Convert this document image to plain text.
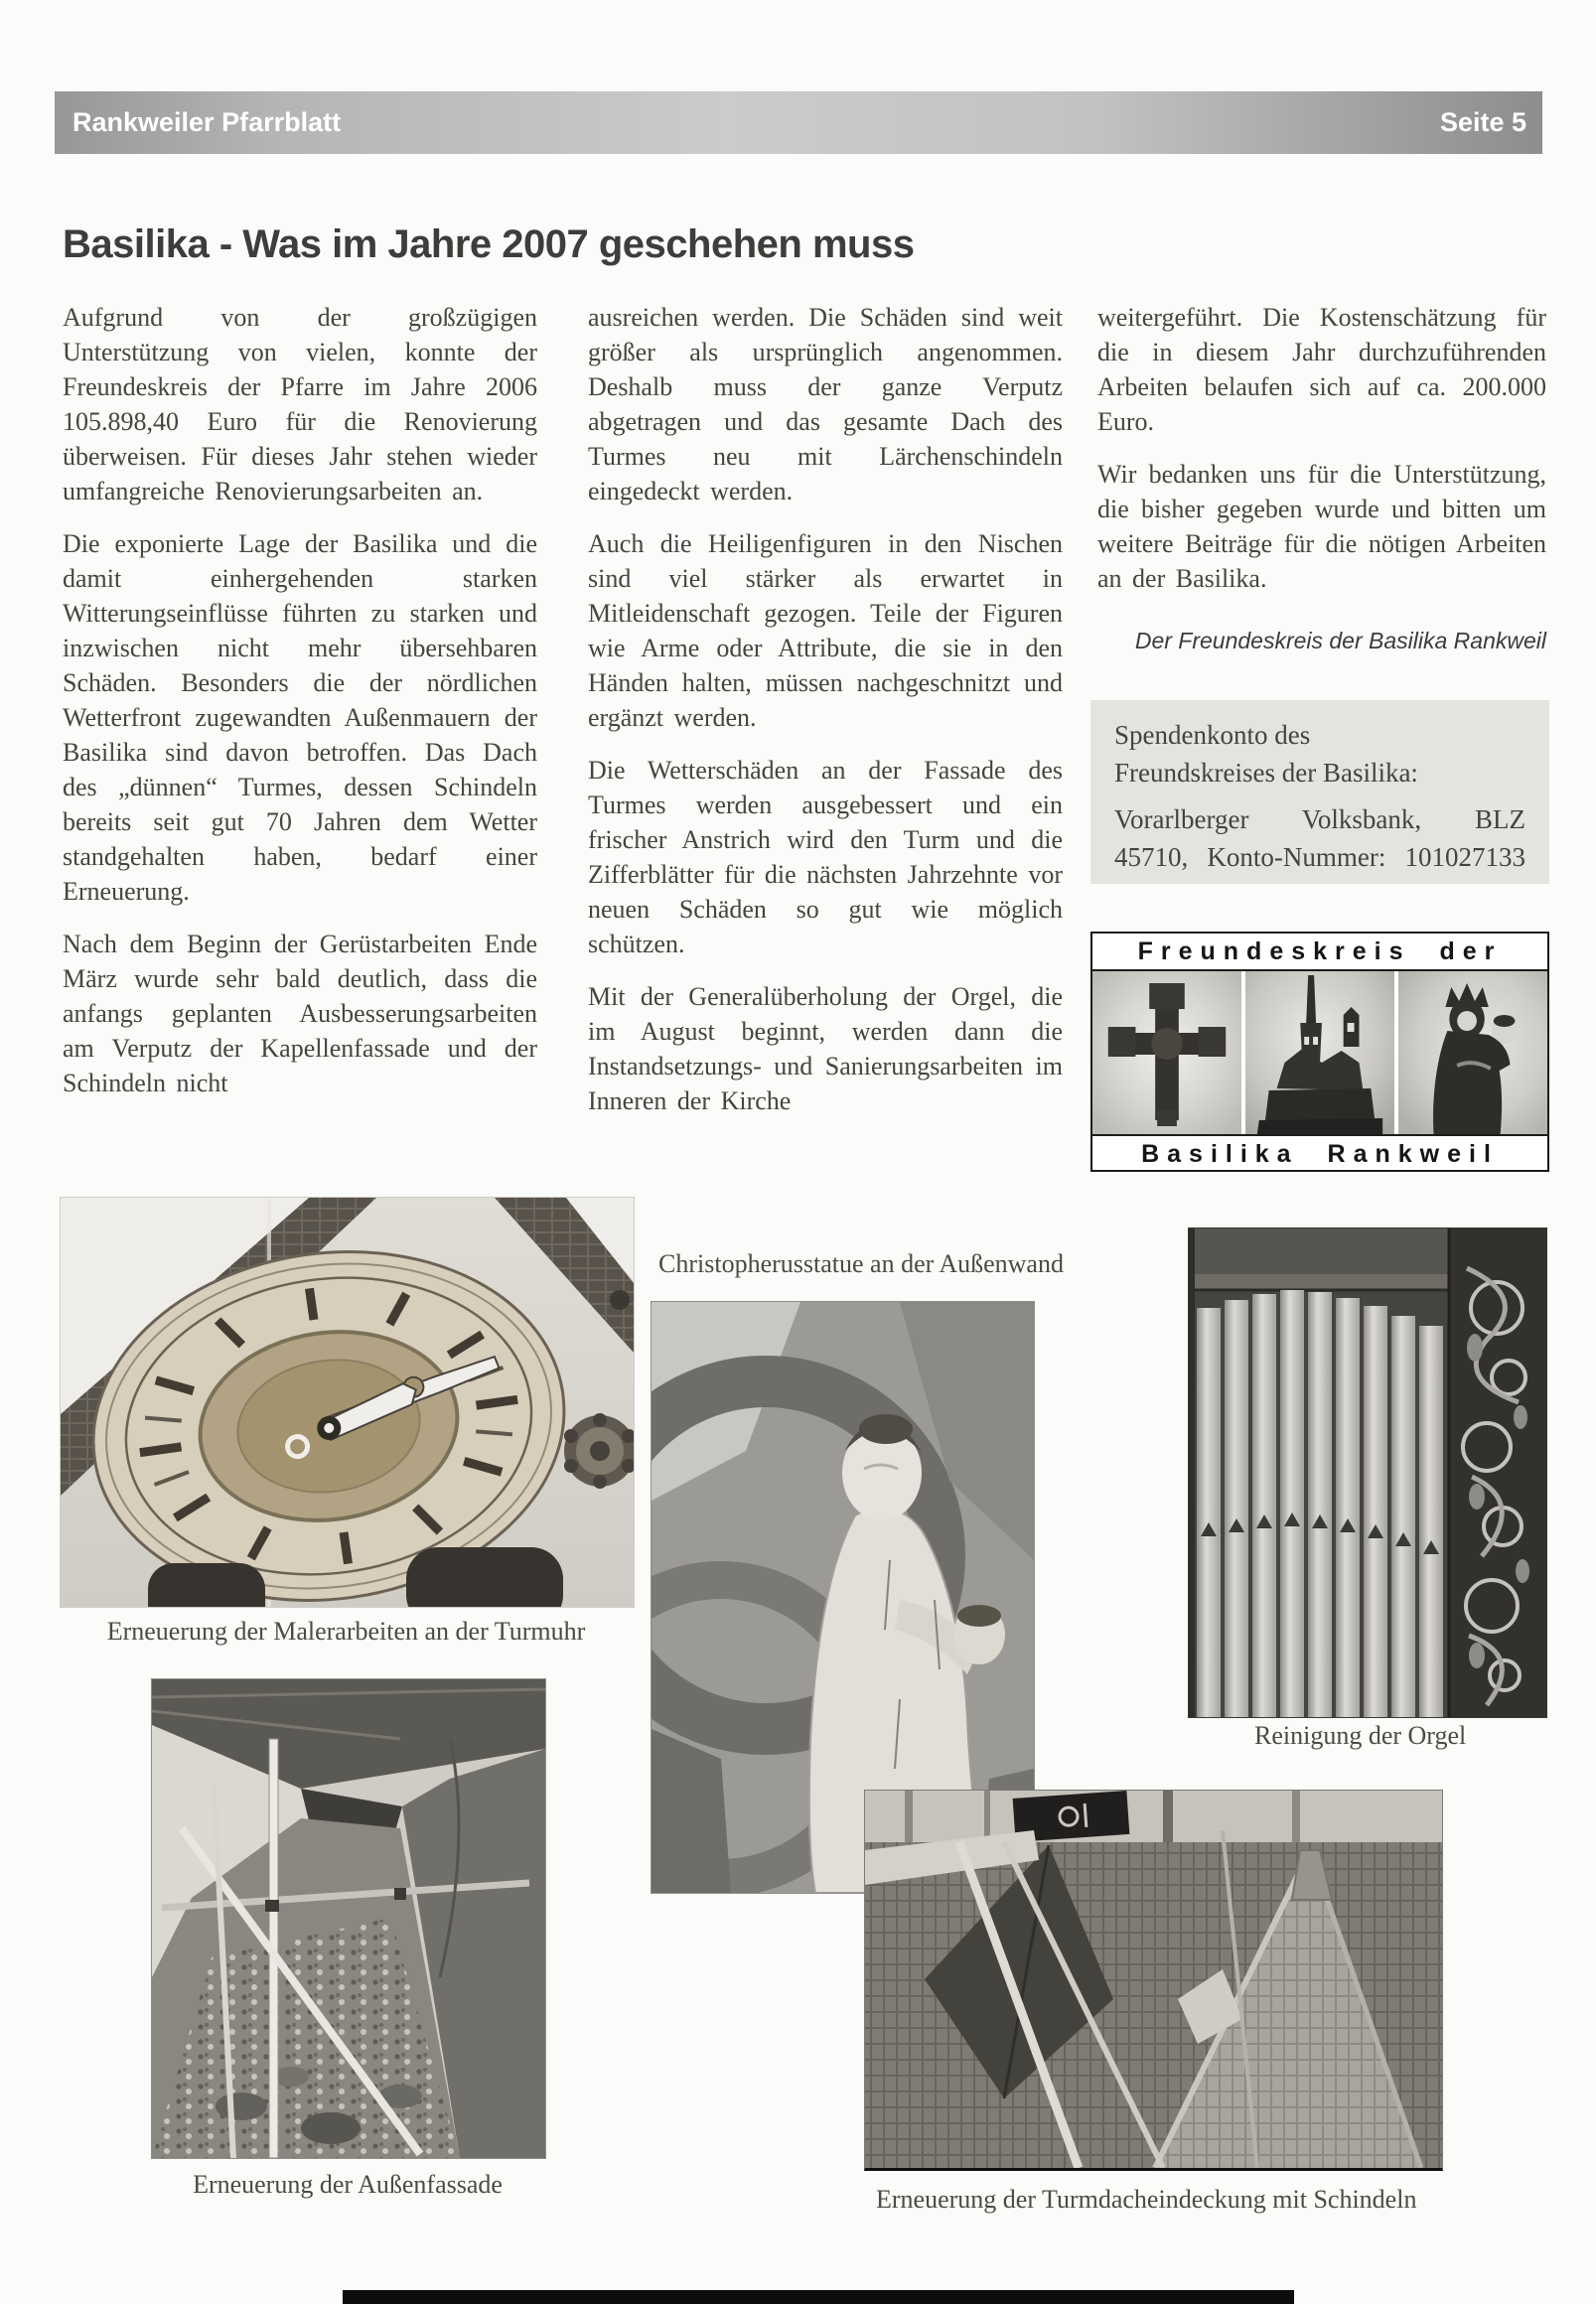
Rankweiler Pfarrblatt	Seite 5
Basilika - Was im Jahre 2007 geschehen muss

Aufgrund von der großzügigen Unterstützung von vielen, konnte der Freundeskreis der Pfarre im Jahre 2006 105.898,40 Euro für die Renovierung überweisen. Für dieses Jahr stehen wieder umfangreiche Renovierungsarbeiten an.

Die exponierte Lage der Basilika und die damit einhergehenden starken Witterungseinflüsse führten zu starken und inzwischen nicht mehr übersehbaren Schäden. Besonders die der nördlichen Wetterfront zugewandten Außenmauern der Basilika sind davon betroffen. Das Dach des „dünnen“ Turmes, dessen Schindeln bereits seit gut 70 Jahren dem Wetter standgehalten haben, bedarf einer Erneuerung.

Nach dem Beginn der Gerüstarbeiten Ende März wurde sehr bald deutlich, dass die anfangs geplanten Ausbesserungsarbeiten am Verputz der Kapellenfassade und der Schindeln nicht

ausreichen werden. Die Schäden sind weit größer als ursprünglich angenommen. Deshalb muss der ganze Verputz abgetragen und das gesamte Dach des Turmes neu mit Lärchenschindeln eingedeckt werden.

Auch die Heiligenfiguren in den Nischen sind viel stärker als erwartet in Mitleidenschaft gezogen. Teile der Figuren wie Arme oder Attribute, die sie in den Händen halten, müssen nachgeschnitzt und ergänzt werden.

Die Wetterschäden an der Fassade des Turmes werden ausgebessert und ein frischer Anstrich wird den Turm und die Zifferblätter für die nächsten Jahrzehnte vor neuen Schäden so gut wie möglich schützen.

Mit der Generalüberholung der Orgel, die im August beginnt, werden dann die Instandsetzungs- und Sanierungsarbeiten im Inneren der Kirche

weitergeführt. Die Kostenschätzung für die in diesem Jahr durchzuführenden Arbeiten belaufen sich auf ca. 200.000 Euro.

Wir bedanken uns für die Unterstützung, die bisher gegeben wurde und bitten um weitere Beiträge für die nötigen Arbeiten an der Basilika.

Der Freundeskreis der Basilika Rankweil
Spendenkonto des
Freundskreises der Basilika:
Vorarlberger Volksbank, BLZ
45710, Konto-Nummer: 101027133
Freundeskreis der
Basilika Rankweil
Erneuerung der Malerarbeiten an der Turmuhr
Christopherusstatue an der Außenwand
Reinigung der Orgel
Erneuerung der Außenfassade
Erneuerung der Turmdacheindeckung mit Schindeln
